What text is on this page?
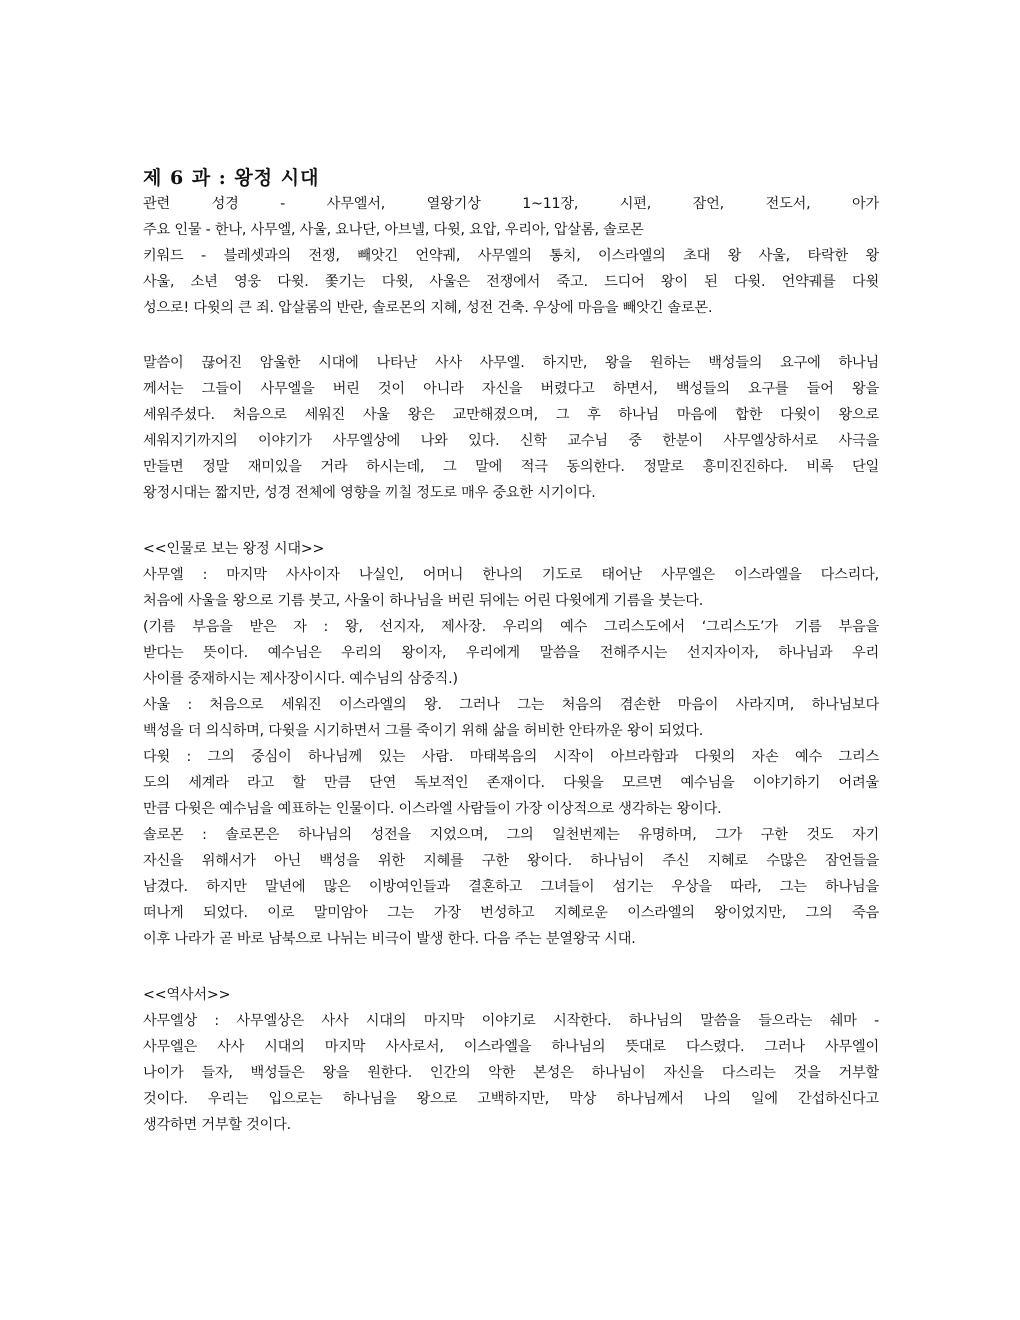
제 6 과 : 왕정 시대
관련 성경 - 사무엘서, 열왕기상 1~11장, 시편, 잠언, 전도서, 아가
주요 인물 - 한나, 사무엘, 사울, 요나단, 아브넬, 다윗, 요압, 우리아, 압살롬, 솔로몬
키워드 - 블레셋과의 전쟁, 빼앗긴 언약궤, 사무엘의 통치, 이스라엘의 초대 왕 사울, 타락한 왕
사울, 소년 영웅 다윗. 쫓기는 다윗, 사울은 전쟁에서 죽고. 드디어 왕이 된 다윗. 언약궤를 다윗
성으로! 다윗의 큰 죄. 압살롬의 반란, 솔로몬의 지혜, 성전 건축. 우상에 마음을 빼앗긴 솔로몬.
말씀이 끊어진 암울한 시대에 나타난 사사 사무엘. 하지만, 왕을 원하는 백성들의 요구에 하나님
께서는 그들이 사무엘을 버린 것이 아니라 자신을 버렸다고 하면서, 백성들의 요구를 들어 왕을
세워주셨다. 처음으로 세워진 사울 왕은 교만해졌으며, 그 후 하나님 마음에 합한 다윗이 왕으로
세워지기까지의 이야기가 사무엘상에 나와 있다. 신학 교수님 중 한분이 사무엘상하서로 사극을
만들면 정말 재미있을 거라 하시는데, 그 말에 적극 동의한다. 정말로 흥미진진하다. 비록 단일
왕정시대는 짧지만, 성경 전체에 영향을 끼칠 정도로 매우 중요한 시기이다.
<<인물로 보는 왕정 시대>>
사무엘 : 마지막 사사이자 나실인, 어머니 한나의 기도로 태어난 사무엘은 이스라엘을 다스리다,
처음에 사울을 왕으로 기름 붓고, 사울이 하나님을 버린 뒤에는 어린 다윗에게 기름을 붓는다.
(기름 부음을 받은 자 : 왕, 선지자, 제사장. 우리의 예수 그리스도에서 ‘그리스도’가 기름 부음을
받다는 뜻이다. 예수님은 우리의 왕이자, 우리에게 말씀을 전해주시는 선지자이자, 하나님과 우리
사이를 중재하시는 제사장이시다. 예수님의 삼중직.)
사울 : 처음으로 세워진 이스라엘의 왕. 그러나 그는 처음의 겸손한 마음이 사라지며, 하나님보다
백성을 더 의식하며, 다윗을 시기하면서 그를 죽이기 위해 삶을 허비한 안타까운 왕이 되었다.
다윗 : 그의 중심이 하나님께 있는 사람. 마태복음의 시작이 아브라함과 다윗의 자손 예수 그리스
도의 세계라 라고 할 만큼 단연 독보적인 존재이다. 다윗을 모르면 예수님을 이야기하기 어려울
만큼 다윗은 예수님을 예표하는 인물이다. 이스라엘 사람들이 가장 이상적으로 생각하는 왕이다.
솔로몬 : 솔로몬은 하나님의 성전을 지었으며, 그의 일천번제는 유명하며, 그가 구한 것도 자기
자신을 위해서가 아닌 백성을 위한 지혜를 구한 왕이다. 하나님이 주신 지혜로 수많은 잠언들을
남겼다. 하지만 말년에 많은 이방여인들과 결혼하고 그녀들이 섬기는 우상을 따라, 그는 하나님을
떠나게 되었다. 이로 말미암아 그는 가장 번성하고 지혜로운 이스라엘의 왕이었지만, 그의 죽음
이후 나라가 곧 바로 남북으로 나뉘는 비극이 발생 한다. 다음 주는 분열왕국 시대.
<<역사서>>
사무엘상 : 사무엘상은 사사 시대의 마지막 이야기로 시작한다. 하나님의 말씀을 들으라는 쉐마 -
사무엘은 사사 시대의 마지막 사사로서, 이스라엘을 하나님의 뜻대로 다스렸다. 그러나 사무엘이
나이가 들자, 백성들은 왕을 원한다. 인간의 악한 본성은 하나님이 자신을 다스리는 것을 거부할
것이다. 우리는 입으로는 하나님을 왕으로 고백하지만, 막상 하나님께서 나의 일에 간섭하신다고
생각하면 거부할 것이다.
